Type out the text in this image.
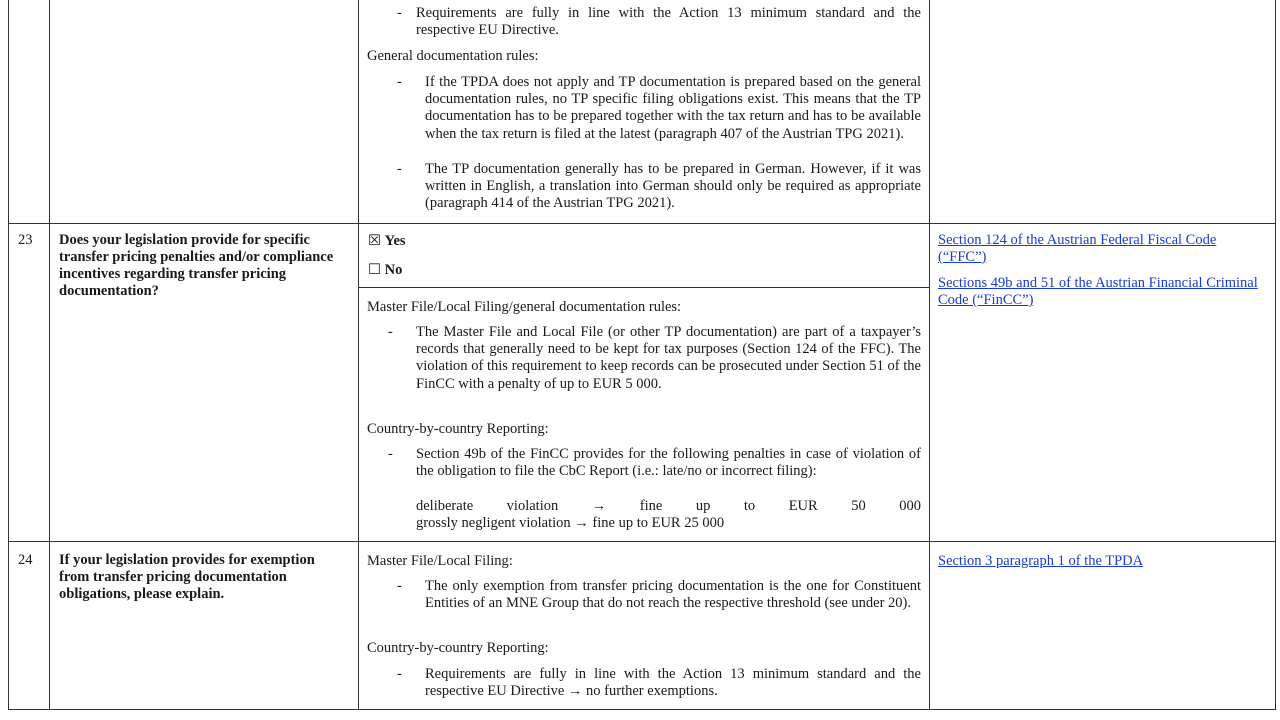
- Requirements are fully in line with the Action 13 minimum standard and the respective EU Directive.
General documentation rules:
- If the TPDA does not apply and TP documentation is prepared based on the general documentation rules, no TP specific filing obligations exist. This means that the TP documentation has to be prepared together with the tax return and has to be available when the tax return is filed at the latest (paragraph 407 of the Austrian TPG 2021).
- The TP documentation generally has to be prepared in German. However, if it was written in English, a translation into German should only be required as appropriate (paragraph 414 of the Austrian TPG 2021).
23 Does your legislation provide for specific transfer pricing penalties and/or compliance incentives regarding transfer pricing documentation?
☒ Yes
☐ No
Master File/Local Filing/general documentation rules:
- The Master File and Local File (or other TP documentation) are part of a taxpayer’s records that generally need to be kept for tax purposes (Section 124 of the FFC). The violation of this requirement to keep records can be prosecuted under Section 51 of the FinCC with a penalty of up to EUR 5 000.
Country-by-country Reporting:
- Section 49b of the FinCC provides for the following penalties in case of violation of the obligation to file the CbC Report (i.e.: late/no or incorrect filing):
deliberate violation → fine up to EUR 50 000
grossly negligent violation → fine up to EUR 25 000
Section 124 of the Austrian Federal Fiscal Code (“FFC”)
Sections 49b and 51 of the Austrian Financial Criminal Code (“FinCC”)
24 If your legislation provides for exemption from transfer pricing documentation obligations, please explain.
Master File/Local Filing:
- The only exemption from transfer pricing documentation is the one for Constituent Entities of an MNE Group that do not reach the respective threshold (see under 20).
Country-by-country Reporting:
- Requirements are fully in line with the Action 13 minimum standard and the respective EU Directive → no further exemptions.
Section 3 paragraph 1 of the TPDA
